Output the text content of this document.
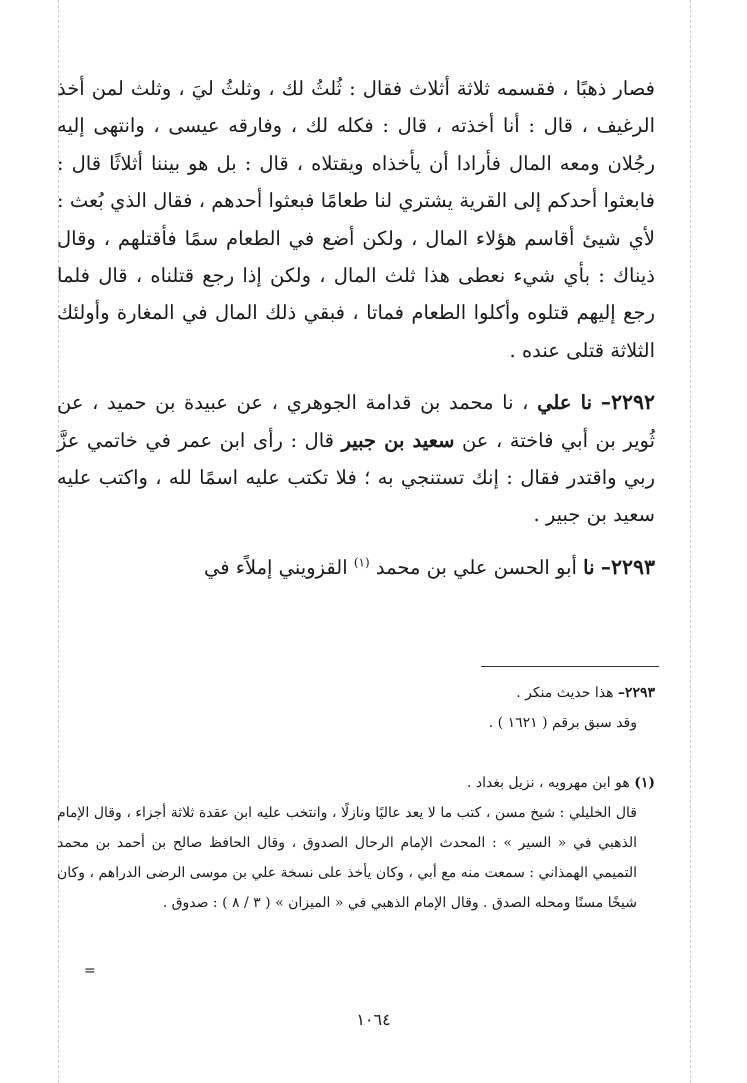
فصار ذهبًا ، فقسمه ثلاثة أثلاث فقال : ثُلثُ لك ، وثلثُ ليَ ، وثلث لمن أخذ الرغيف ، قال : أنا أخذته ، قال : فكله لك ، وفارقه عيسى ، وانتهى إليه رجُلان ومعه المال فأرادا أن يأخذاه ويقتلاه ، قال : بل هو بيننا أثلاثًا قال : فابعثوا أحدكم إلى القرية يشتري لنا طعامًا فبعثوا أحدهم ، فقال الذي بُعث : لأي شيئ أقاسم هؤلاء المال ، ولكن أضع في الطعام سمًا فأقتلهم ، وقال ذيناك : بأي شيء نعطى هذا ثلث المال ، ولكن إذا رجع قتلناه ، قال فلما رجع إليهم قتلوه وأكلوا الطعام فماتا ، فبقي ذلك المال في المغارة وأولئك الثلاثة قتلى عنده .

٢٢٩٢– نا علي ، نا محمد بن قدامة الجوهري ، عن عبيدة بن حميد ، عن ثُوير بن أبي فاختة ، عن سعيد بن جبير قال : رأى ابن عمر في خاتمي عزَّ ربي واقتدر فقال : إنك تستنجي به ؛ فلا تكتب عليه اسمًا لله ، واكتب عليه سعيد بن جبير .

٢٢٩٣– نا أبو الحسن علي بن محمد $^{(١)}$ القزويني إملاًء في

٢٢٩٣– هذا حديث منكر .

وقد سبق برقم ( ١٦٢١ ) .

(١) هو ابن مهرويه ، نزيل بغداد .

قال الخليلي : شيخ مسن ، كتب ما لا يعد عاليًا ونازلًا ، وانتخب عليه ابن عقدة ثلاثة أجزاء ، وقال الإمام الذهبي في « السير » : المحدث الإمام الرحال الصدوق ، وقال الحافظ صالح بن أحمد بن محمد التميمي الهمذاني : سمعت منه مع أبي ، وكان يأخذ على نسخة علي بن موسى الرضى الدراهم ، وكان شيخًا مسنًا ومحله الصدق . وقال الإمام الذهبي في « الميزان » ( ٣ / ٨ ) : صدوق .

=
١٠٦٤
